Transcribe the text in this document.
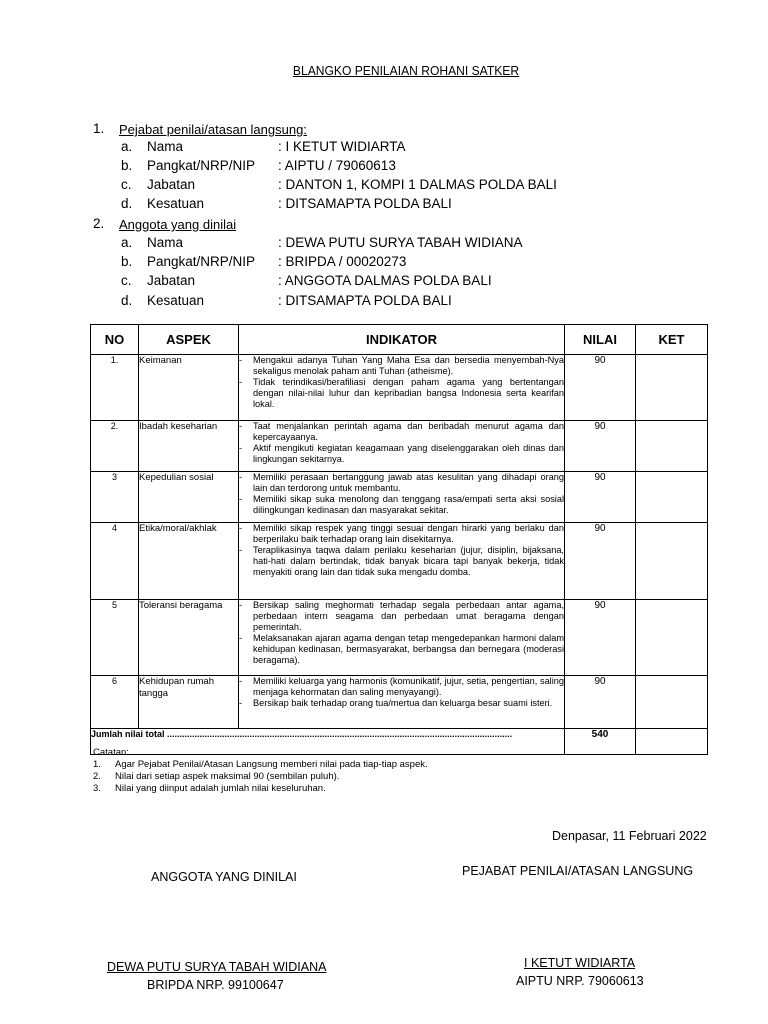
BLANGKO PENILAIAN ROHANI SATKER
1. Pejabat penilai/atasan langsung:
a. Nama	: I KETUT WIDIARTA
b. Pangkat/NRP/NIP : AIPTU / 79060613
c. Jabatan	: DANTON 1, KOMPI 1 DALMAS POLDA BALI
d. Kesatuan	: DITSAMAPTA POLDA BALI
2. Anggota yang dinilai
a. Nama	: DEWA PUTU SURYA TABAH WIDIANA
b. Pangkat/NRP/NIP : BRIPDA / 00020273
c. Jabatan	: ANGGOTA DALMAS POLDA BALI
d. Kesatuan	: DITSAMAPTA POLDA BALI
NO	ASPEK	INDIKATOR	NILAI	KET
1.	Keimanan	- Mengakui adanya Tuhan Yang Maha Esa dan bersedia menyembah-Nya sekaligus menolak paham anti Tuhan (atheisme).
- Tidak terindikasi/berafiliasi dengan paham agama yang bertentangan dengan nilai-nilai luhur dan kepribadian bangsa Indonesia serta kearifan lokal.	90	
2.	Ibadah keseharian	- Taat menjalankan perintah agama dan beribadah menurut agama dan kepercayaanya.
- Aktif mengikuti kegiatan keagamaan yang diselenggarakan oleh dinas dan lingkungan sekitarnya.	90	
3	Kepedulian sosial	- Memiliki perasaan bertanggung jawab atas kesulitan yang dihadapi orang lain dan terdorong untuk membantu.
- Memiliki sikap suka menolong dan tenggang rasa/empati serta aksi sosial dilingkungan kedinasan dan masyarakat sekitar.	90	
4	Etika/moral/akhlak	- Memiliki sikap respek yang tinggi sesuai dengan hirarki yang berlaku dan berperilaku baik terhadap orang lain disekitarnya.
- Teraplikasinya taqwa dalam perilaku keseharian (jujur, disiplin, bijaksana, hati-hati dalam bertindak, tidak banyak bicara tapi banyak bekerja, tidak menyakiti orang lain dan tidak suka mengadu domba.	90	
5	Toleransi beragama	- Bersikap saling meghormati terhadap segala perbedaan antar agama, perbedaan intern seagama dan perbedaan umat beragama dengan pemerintah.
- Melaksanakan ajaran agama dengan tetap mengedepankan harmoni dalam kehidupan kedinasan, bermasyarakat, berbangsa dan bernegara (moderasi beragama).	90	
6	Kehidupan rumah tangga	- Memiliki keluarga yang harmonis (komunikatif, jujur, setia, pengertian, saling menjaga kehormatan dan saling menyayangi).
- Bersikap baik terhadap orang tua/mertua dan keluarga besar suami isteri.	90	
Jumlah nilai total ..........................................................................................................................................			540	
Catatan:
1.	Agar Pejabat Penilai/Atasan Langsung memberi nilai pada tiap-tiap aspek.
2.	Nilai dari setiap aspek maksimal 90 (sembilan puluh).
3.	Nilai yang diinput adalah jumlah nilai keseluruhan.
Denpasar, 11 Februari 2022
ANGGOTA YANG DINILAI	PEJABAT PENILAI/ATASAN LANGSUNG
DEWA PUTU SURYA TABAH WIDIANA
BRIPDA NRP. 99100647
I KETUT WIDIARTA
AIPTU NRP. 79060613
